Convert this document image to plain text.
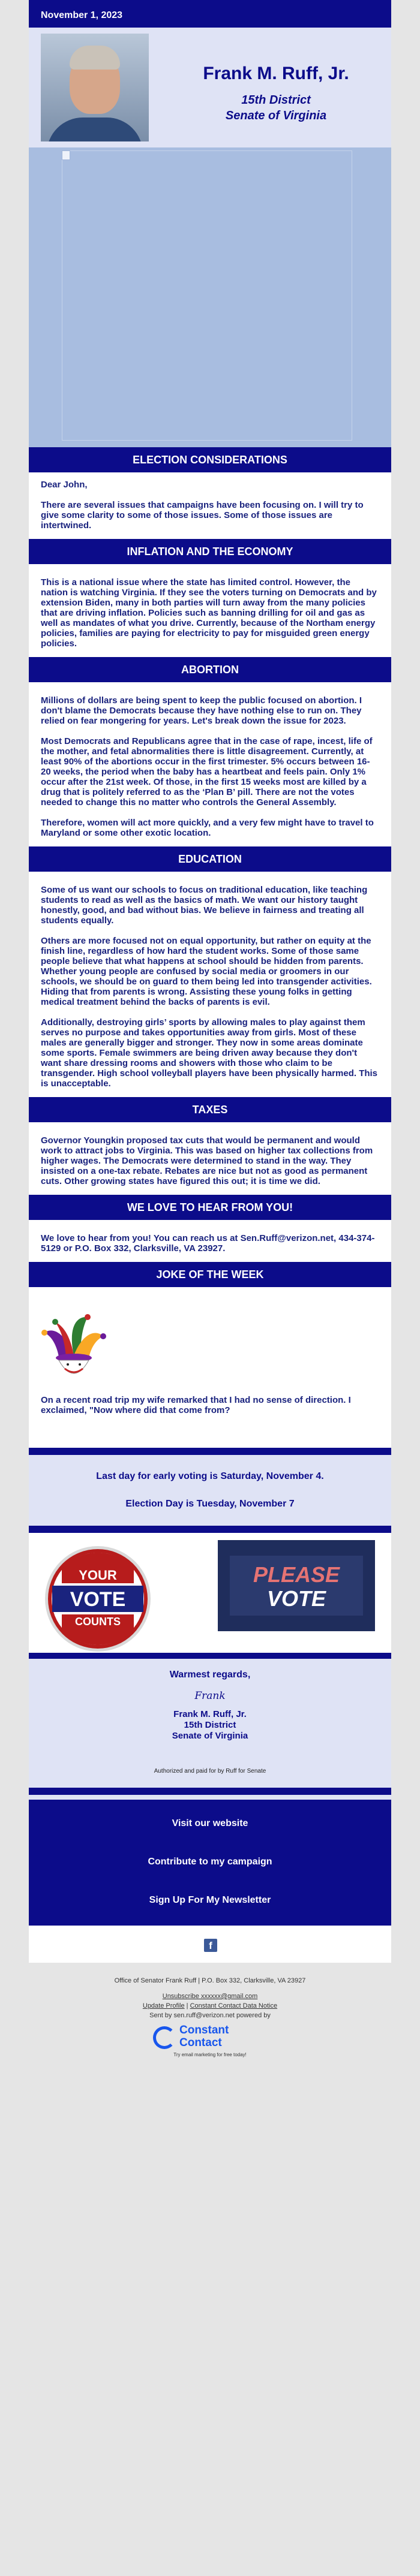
November 1, 2023
Frank M. Ruff, Jr.
15th District
Senate of Virginia
ELECTION CONSIDERATIONS

Dear John,

There are several issues that campaigns have been focusing on. I will try to give some clarity to some of those issues. Some of those issues are intertwined.

INFLATION AND THE ECONOMY

This is a national issue where the state has limited control. However, the nation is watching Virginia. If they see the voters turning on Democrats and by extension Biden, many in both parties will turn away from the many policies that are driving inflation. Policies such as banning drilling for oil and gas as well as mandates of what you drive. Currently, because of the Northam energy policies, families are paying for electricity to pay for misguided green energy policies.

ABORTION

Millions of dollars are being spent to keep the public focused on abortion. I don't blame the Democrats because they have nothing else to run on. They relied on fear mongering for years. Let's break down the issue for 2023.

Most Democrats and Republicans agree that in the case of rape, incest, life of the mother, and fetal abnormalities there is little disagreement. Currently, at least 90% of the abortions occur in the first trimester. 5% occurs between 16-20 weeks, the period when the baby has a heartbeat and feels pain. Only 1% occur after the 21st week. Of those, in the first 15 weeks most are killed by a drug that is politely referred to as the ‘Plan B’ pill. There are not the votes needed to change this no matter who controls the General Assembly.

Therefore, women will act more quickly, and a very few might have to travel to Maryland or some other exotic location.

EDUCATION

Some of us want our schools to focus on traditional education, like teaching students to read as well as the basics of math. We want our history taught honestly, good, and bad without bias. We believe in fairness and treating all students equally.

Others are more focused not on equal opportunity, but rather on equity at the finish line, regardless of how hard the student works. Some of those same people believe that what happens at school should be hidden from parents. Whether young people are confused by social media or groomers in our schools, we should be on guard to them being led into transgender activities. Hiding that from parents is wrong. Assisting these young folks in getting medical treatment behind the backs of parents is evil.

Additionally, destroying girls’ sports by allowing males to play against them serves no purpose and takes opportunities away from girls. Most of these males are generally bigger and stronger. They now in some areas dominate some sports. Female swimmers are being driven away because they don't want share dressing rooms and showers with those who claim to be transgender. High school volleyball players have been physically harmed. This is unacceptable.

TAXES

Governor Youngkin proposed tax cuts that would be permanent and would work to attract jobs to Virginia. This was based on higher tax collections from higher wages. The Democrats were determined to stand in the way. They insisted on a one-tax rebate. Rebates are nice but not as good as permanent cuts. Other growing states have figured this out; it is time we did.

WE LOVE TO HEAR FROM YOU!

We love to hear from you! You can reach us at Sen.Ruff@verizon.net, 434-374-5129 or P.O. Box 332, Clarksville, VA 23927.

JOKE OF THE WEEK

On a recent road trip my wife remarked that I had no sense of direction. I exclaimed, "Now where did that come from?

Last day for early voting is Saturday, November 4.

Election Day is Tuesday, November 7

YOUR
VOTE
COUNTS
PLEASE
VOTE
Warmest regards,
Frank
Frank M. Ruff, Jr.
15th District
Senate of Virginia
Authorized and paid for by Ruff for Senate
Visit our website
Contribute to my campaign
Sign Up For My Newsletter
f
Office of Senator Frank Ruff | P.O. Box 332, Clarksville, VA 23927
Unsubscribe xxxxxx@gmail.com
Update Profile | Constant Contact Data Notice
Sent by sen.ruff@verizon.net powered by
Constant
Contact
Try email marketing for free today!
